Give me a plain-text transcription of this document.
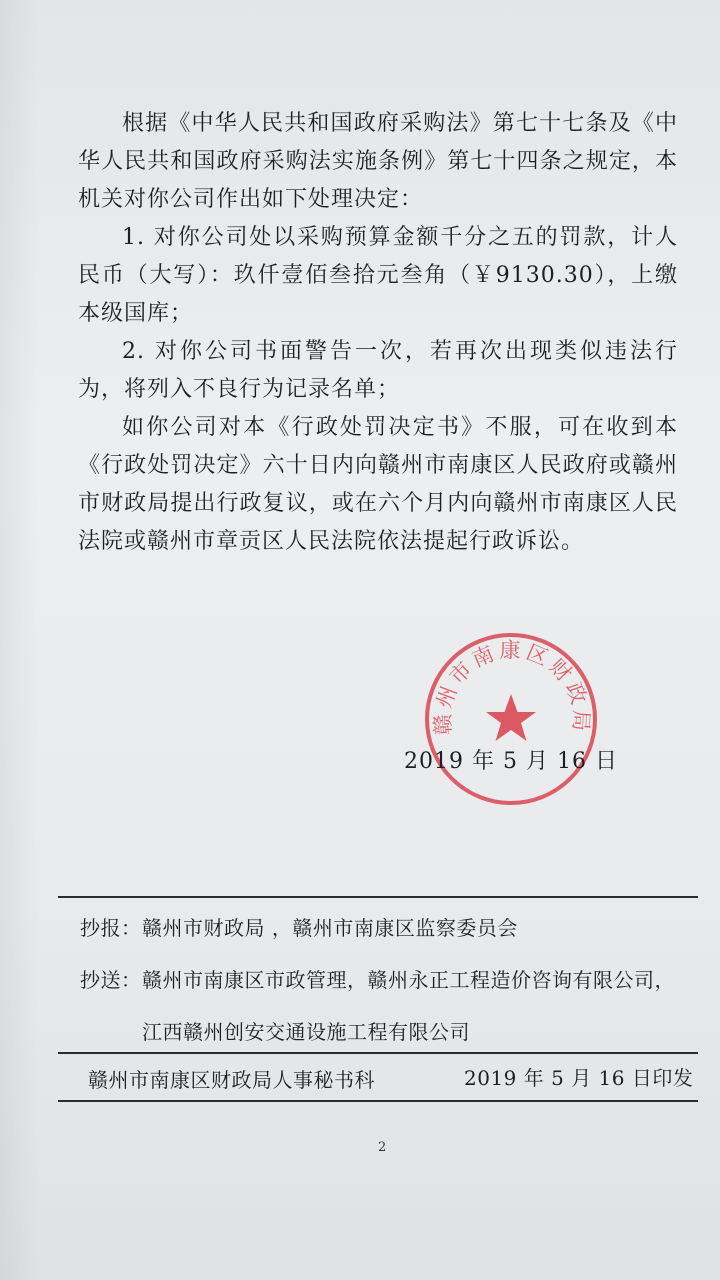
根据《中华人民共和国政府采购法》第七十七条及《中华人民共和国政府采购法实施条例》第七十四条之规定，本机关对你公司作出如下处理决定：

1. 对你公司处以采购预算金额千分之五的罚款，计人民币（大写）：玖仟壹佰叁拾元叁角（￥9130.30），上缴本级国库；

2. 对你公司书面警告一次，若再次出现类似违法行为，将列入不良行为记录名单；

如你公司对本《行政处罚决定书》不服，可在收到本《行政处罚决定》六十日内向赣州市南康区人民政府或赣州市财政局提出行政复议，或在六个月内向赣州市南康区人民法院或赣州市章贡区人民法院依法提起行政诉讼。

赣州市南康区财政局
2019 年 5 月 16 日
抄报：赣州市财政局 ，赣州市南康区监察委员会
抄送：赣州市南康区市政管理，赣州永正工程造价咨询有限公司，
江西赣州创安交通设施工程有限公司
赣州市南康区财政局人事秘书科	2019 年 5 月 16 日印发
2
